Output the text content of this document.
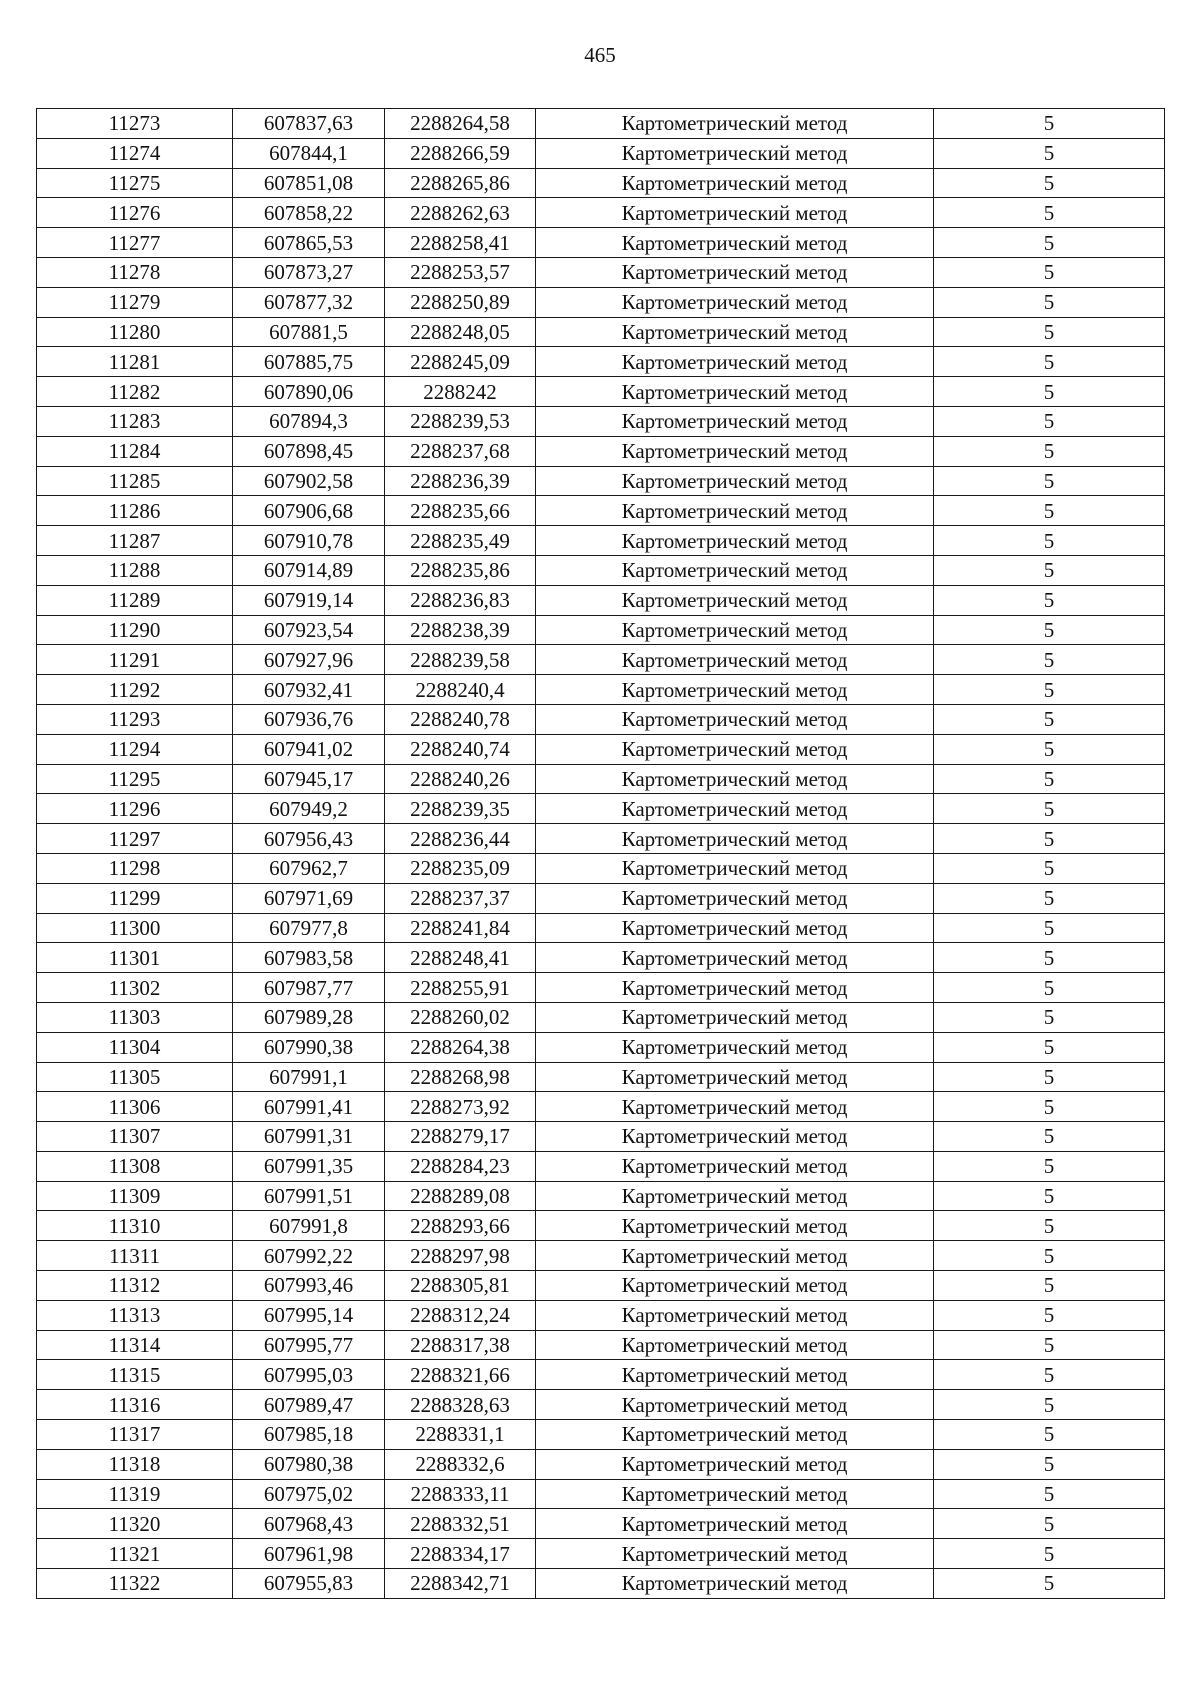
465
11273	607837,63	2288264,58	Картометрический метод	5
11274	607844,1	2288266,59	Картометрический метод	5
11275	607851,08	2288265,86	Картометрический метод	5
11276	607858,22	2288262,63	Картометрический метод	5
11277	607865,53	2288258,41	Картометрический метод	5
11278	607873,27	2288253,57	Картометрический метод	5
11279	607877,32	2288250,89	Картометрический метод	5
11280	607881,5	2288248,05	Картометрический метод	5
11281	607885,75	2288245,09	Картометрический метод	5
11282	607890,06	2288242	Картометрический метод	5
11283	607894,3	2288239,53	Картометрический метод	5
11284	607898,45	2288237,68	Картометрический метод	5
11285	607902,58	2288236,39	Картометрический метод	5
11286	607906,68	2288235,66	Картометрический метод	5
11287	607910,78	2288235,49	Картометрический метод	5
11288	607914,89	2288235,86	Картометрический метод	5
11289	607919,14	2288236,83	Картометрический метод	5
11290	607923,54	2288238,39	Картометрический метод	5
11291	607927,96	2288239,58	Картометрический метод	5
11292	607932,41	2288240,4	Картометрический метод	5
11293	607936,76	2288240,78	Картометрический метод	5
11294	607941,02	2288240,74	Картометрический метод	5
11295	607945,17	2288240,26	Картометрический метод	5
11296	607949,2	2288239,35	Картометрический метод	5
11297	607956,43	2288236,44	Картометрический метод	5
11298	607962,7	2288235,09	Картометрический метод	5
11299	607971,69	2288237,37	Картометрический метод	5
11300	607977,8	2288241,84	Картометрический метод	5
11301	607983,58	2288248,41	Картометрический метод	5
11302	607987,77	2288255,91	Картометрический метод	5
11303	607989,28	2288260,02	Картометрический метод	5
11304	607990,38	2288264,38	Картометрический метод	5
11305	607991,1	2288268,98	Картометрический метод	5
11306	607991,41	2288273,92	Картометрический метод	5
11307	607991,31	2288279,17	Картометрический метод	5
11308	607991,35	2288284,23	Картометрический метод	5
11309	607991,51	2288289,08	Картометрический метод	5
11310	607991,8	2288293,66	Картометрический метод	5
11311	607992,22	2288297,98	Картометрический метод	5
11312	607993,46	2288305,81	Картометрический метод	5
11313	607995,14	2288312,24	Картометрический метод	5
11314	607995,77	2288317,38	Картометрический метод	5
11315	607995,03	2288321,66	Картометрический метод	5
11316	607989,47	2288328,63	Картометрический метод	5
11317	607985,18	2288331,1	Картометрический метод	5
11318	607980,38	2288332,6	Картометрический метод	5
11319	607975,02	2288333,11	Картометрический метод	5
11320	607968,43	2288332,51	Картометрический метод	5
11321	607961,98	2288334,17	Картометрический метод	5
11322	607955,83	2288342,71	Картометрический метод	5
